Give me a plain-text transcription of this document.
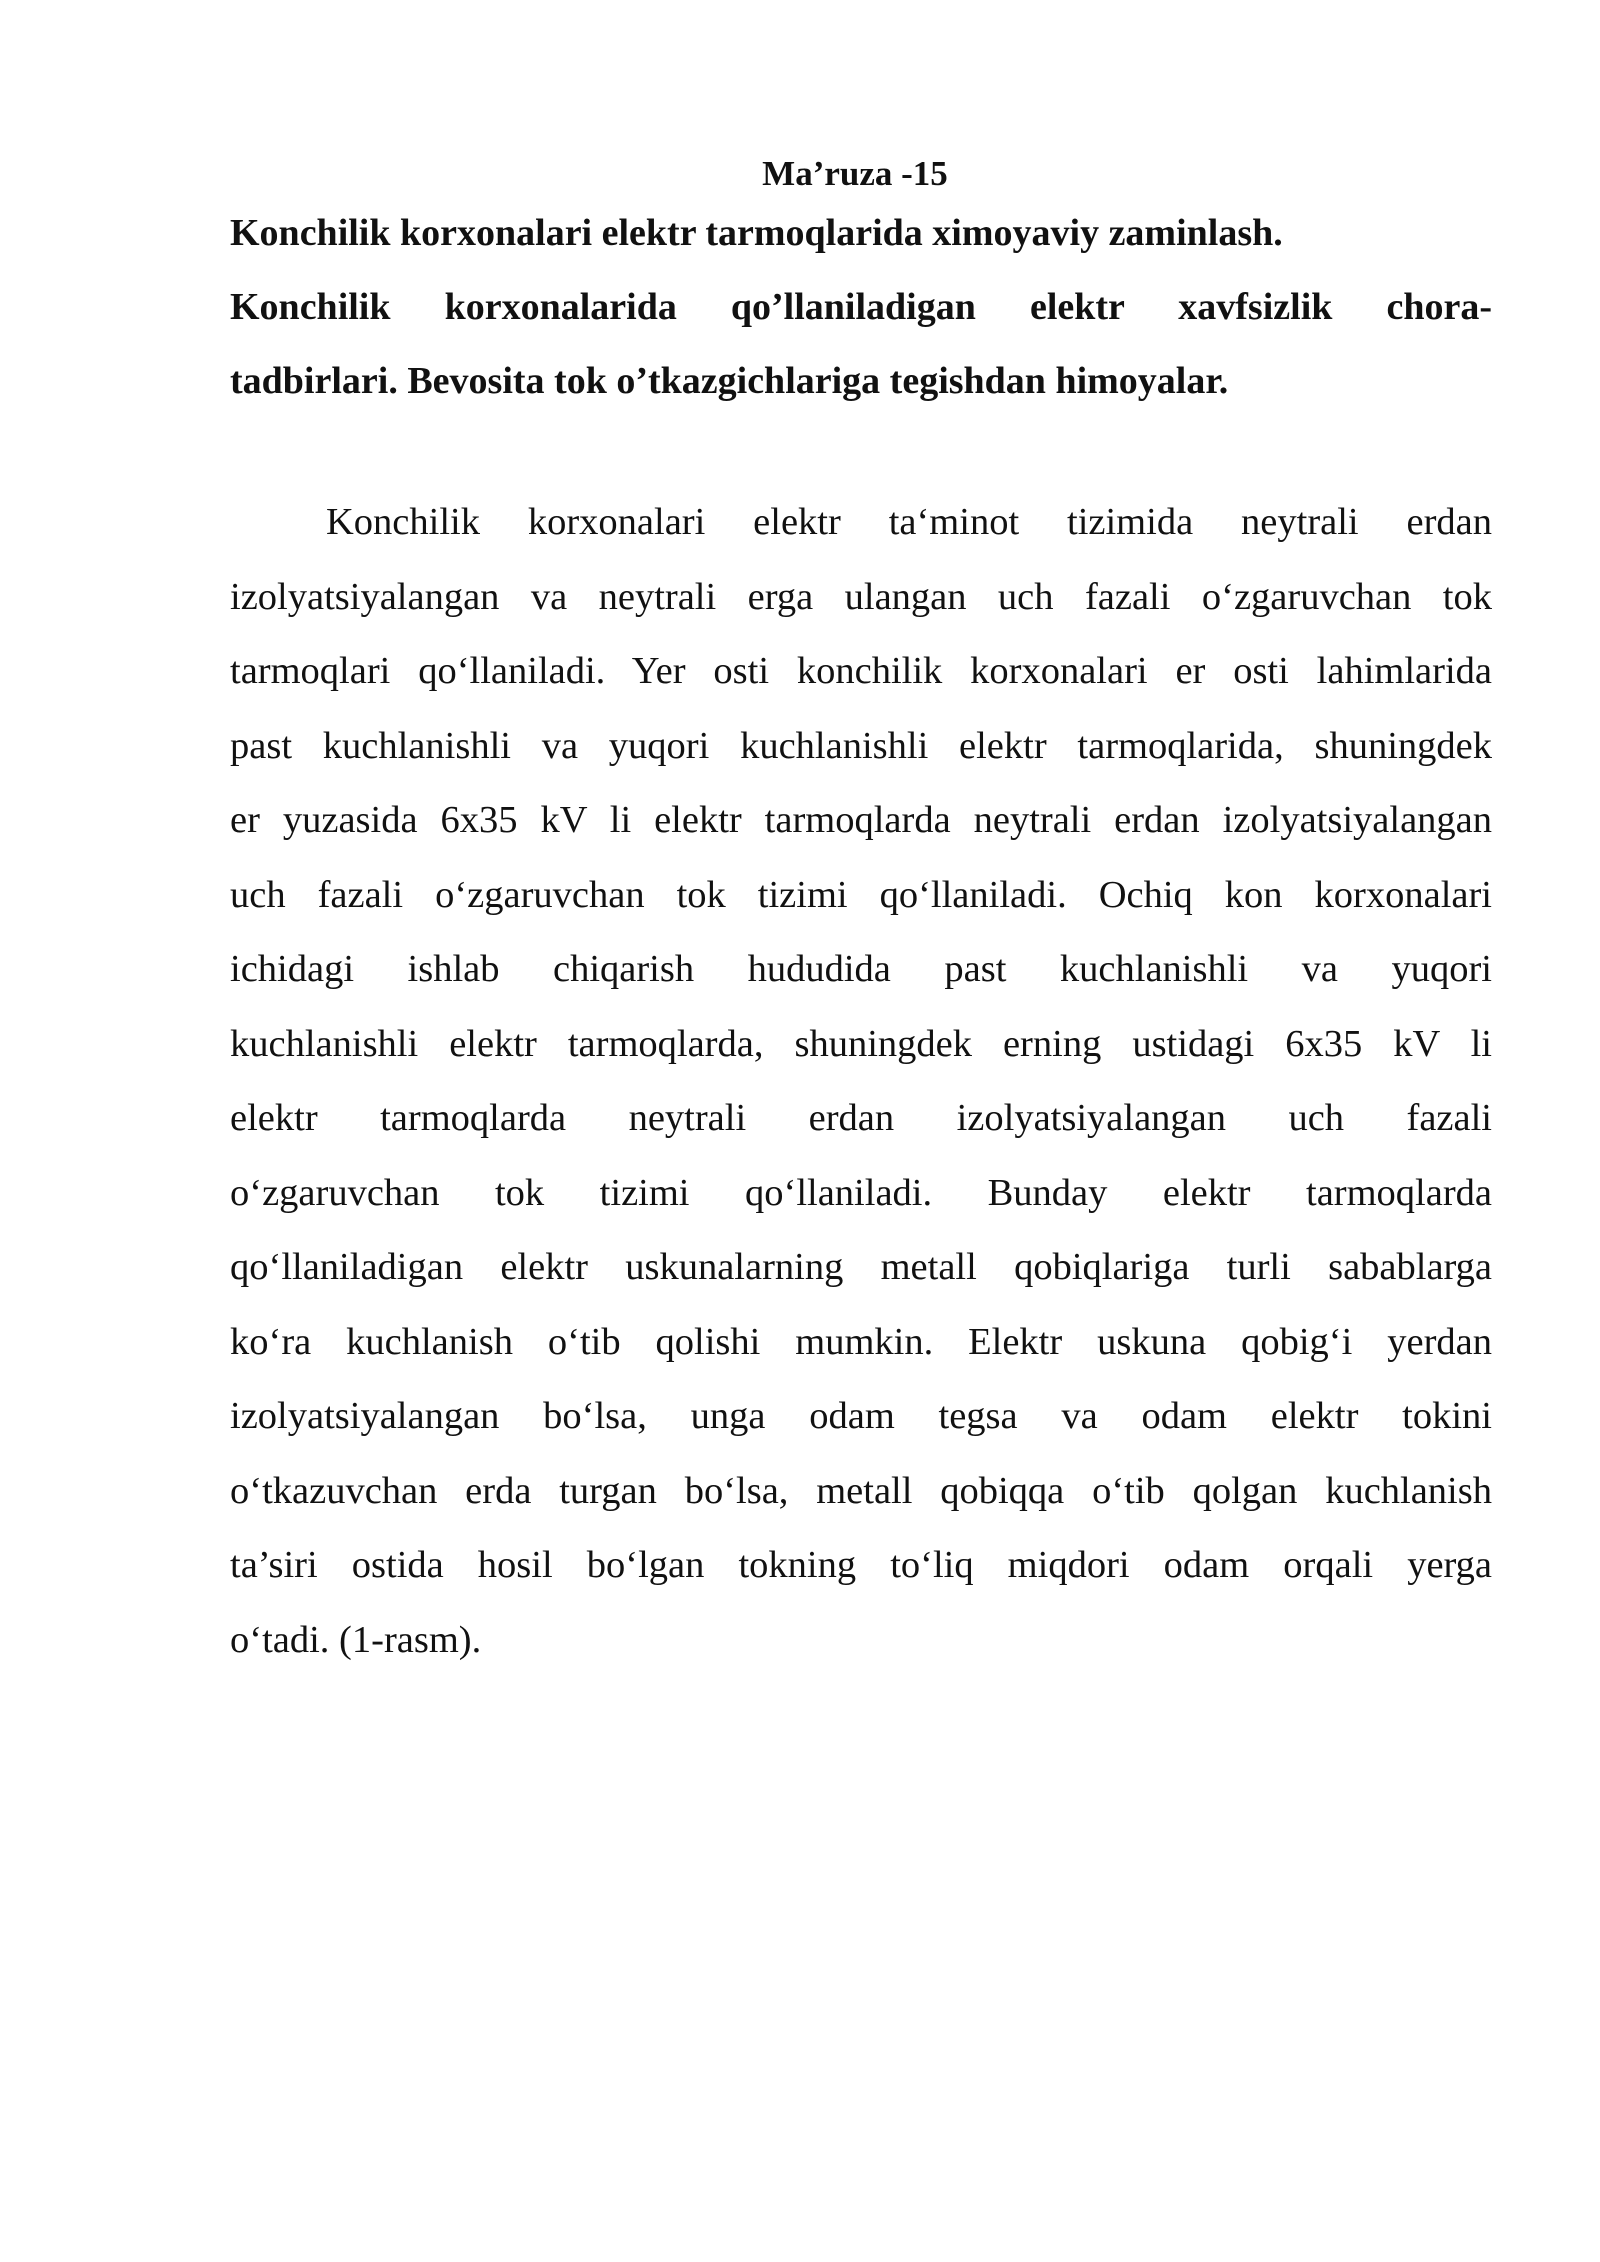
Ma’ruza -15

Konchilik korxonalari elektr tarmoqlarida ximoyaviy zaminlash.
Konchilik korxonalarida qo’llaniladigan elektr xavfsizlik chora-
tadbirlari. Bevosita tok o’tkazgichlariga tegishdan himoyalar.

Konchilik korxonalari elektr ta‘minot tizimida neytrali erdan
izolyatsiyalangan va neytrali erga ulangan uch fazali o‘zgaruvchan tok
tarmoqlari qo‘llaniladi. Yer osti konchilik korxonalari er osti lahimlarida
past kuchlanishli va yuqori kuchlanishli elektr tarmoqlarida, shuningdek
er yuzasida 6x35 kV li elektr tarmoqlarda neytrali erdan izolyatsiyalangan
uch fazali o‘zgaruvchan tok tizimi qo‘llaniladi. Ochiq kon korxonalari
ichidagi ishlab chiqarish hududida past kuchlanishli va yuqori
kuchlanishli elektr tarmoqlarda, shuningdek erning ustidagi 6x35 kV li
elektr tarmoqlarda neytrali erdan izolyatsiyalangan uch fazali
o‘zgaruvchan tok tizimi qo‘llaniladi. Bunday elektr tarmoqlarda
qo‘llaniladigan elektr uskunalarning metall qobiqlariga turli sabablarga
ko‘ra kuchlanish o‘tib qolishi mumkin. Elektr uskuna qobig‘i yerdan
izolyatsiyalangan bo‘lsa, unga odam tegsa va odam elektr tokini
o‘tkazuvchan erda turgan bo‘lsa, metall qobiqqa o‘tib qolgan kuchlanish
ta’siri ostida hosil bo‘lgan tokning to‘liq miqdori odam orqali yerga
o‘tadi. (1-rasm).
